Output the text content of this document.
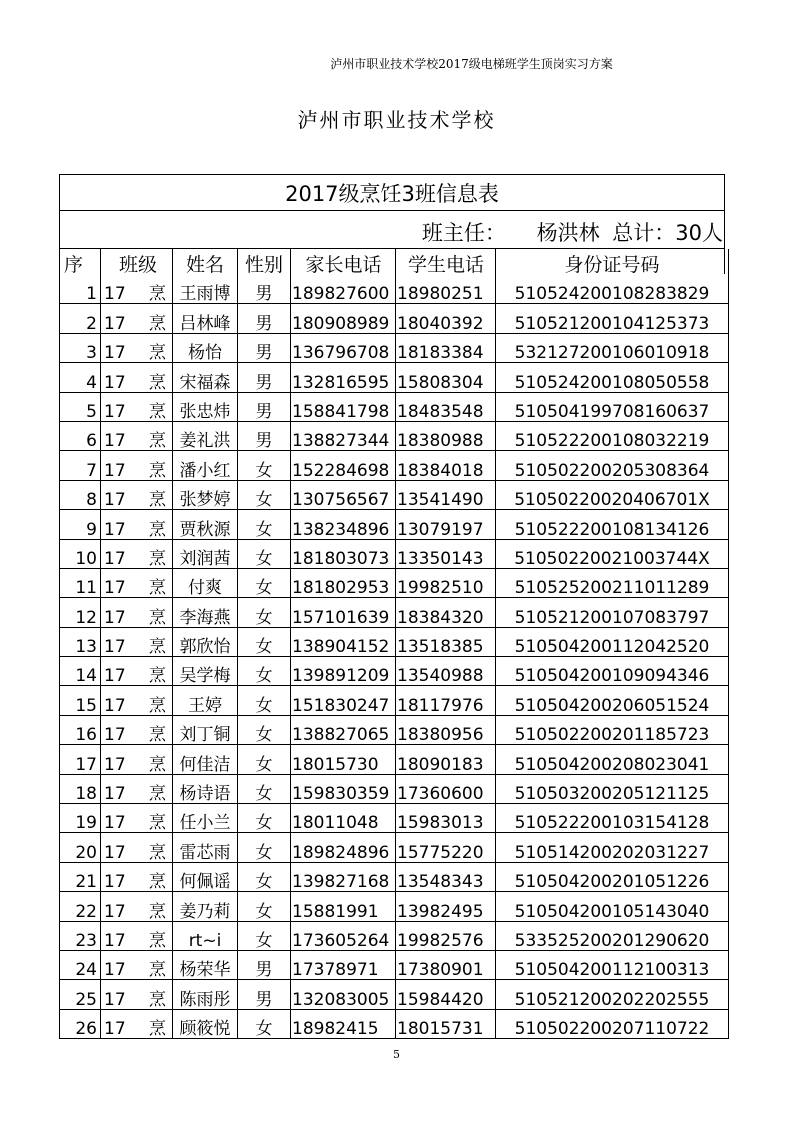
泸州市职业技术学校2017级电梯班学生顶岗实习方案
泸州市职业技术学校
2017级烹饪3班信息表
班主任： 杨洪林 总计：30人
序	班级	姓名	性别	家长电话	学生电话	身份证号码
1	17 烹	王雨博	男	189827600	18980251	510524200108283829
2	17 烹	吕林峰	男	180908989	18040392	510521200104125373
3	17 烹	杨怡	男	136796708	18183384	532127200106010918
4	17 烹	宋福森	男	132816595	15808304	510524200108050558
5	17 烹	张忠炜	男	158841798	18483548	510504199708160637
6	17 烹	姜礼洪	男	138827344	18380988	510522200108032219
7	17 烹	潘小红	女	152284698	18384018	510502200205308364
8	17 烹	张梦婷	女	130756567	13541490	51050220020406701X
9	17 烹	贾秋源	女	138234896	13079197	510522200108134126
10	17 烹	刘润茜	女	181803073	13350143	51050220021003744X
11	17 烹	付爽	女	181802953	19982510	510525200211011289
12	17 烹	李海燕	女	157101639	18384320	510521200107083797
13	17 烹	郭欣怡	女	138904152	13518385	510504200112042520
14	17 烹	吴学梅	女	139891209	13540988	510504200109094346
15	17 烹	王婷	女	151830247	18117976	510504200206051524
16	17 烹	刘丁铜	女	138827065	18380956	510502200201185723
17	17 烹	何佳洁	女	18015730	18090183	510504200208023041
18	17 烹	杨诗语	女	159830359	17360600	510503200205121125
19	17 烹	任小兰	女	18011048	15983013	510522200103154128
20	17 烹	雷芯雨	女	189824896	15775220	510514200202031227
21	17 烹	何佩谣	女	139827168	13548343	510504200201051226
22	17 烹	姜乃莉	女	15881991	13982495	510504200105143040
23	17 烹	rt~i	女	173605264	19982576	533525200201290620
24	17 烹	杨荣华	男	17378971	17380901	510504200112100313
25	17 烹	陈雨彤	男	132083005	15984420	510521200202202555
26	17 烹	顾筱悦	女	18982415	18015731	510502200207110722
5
